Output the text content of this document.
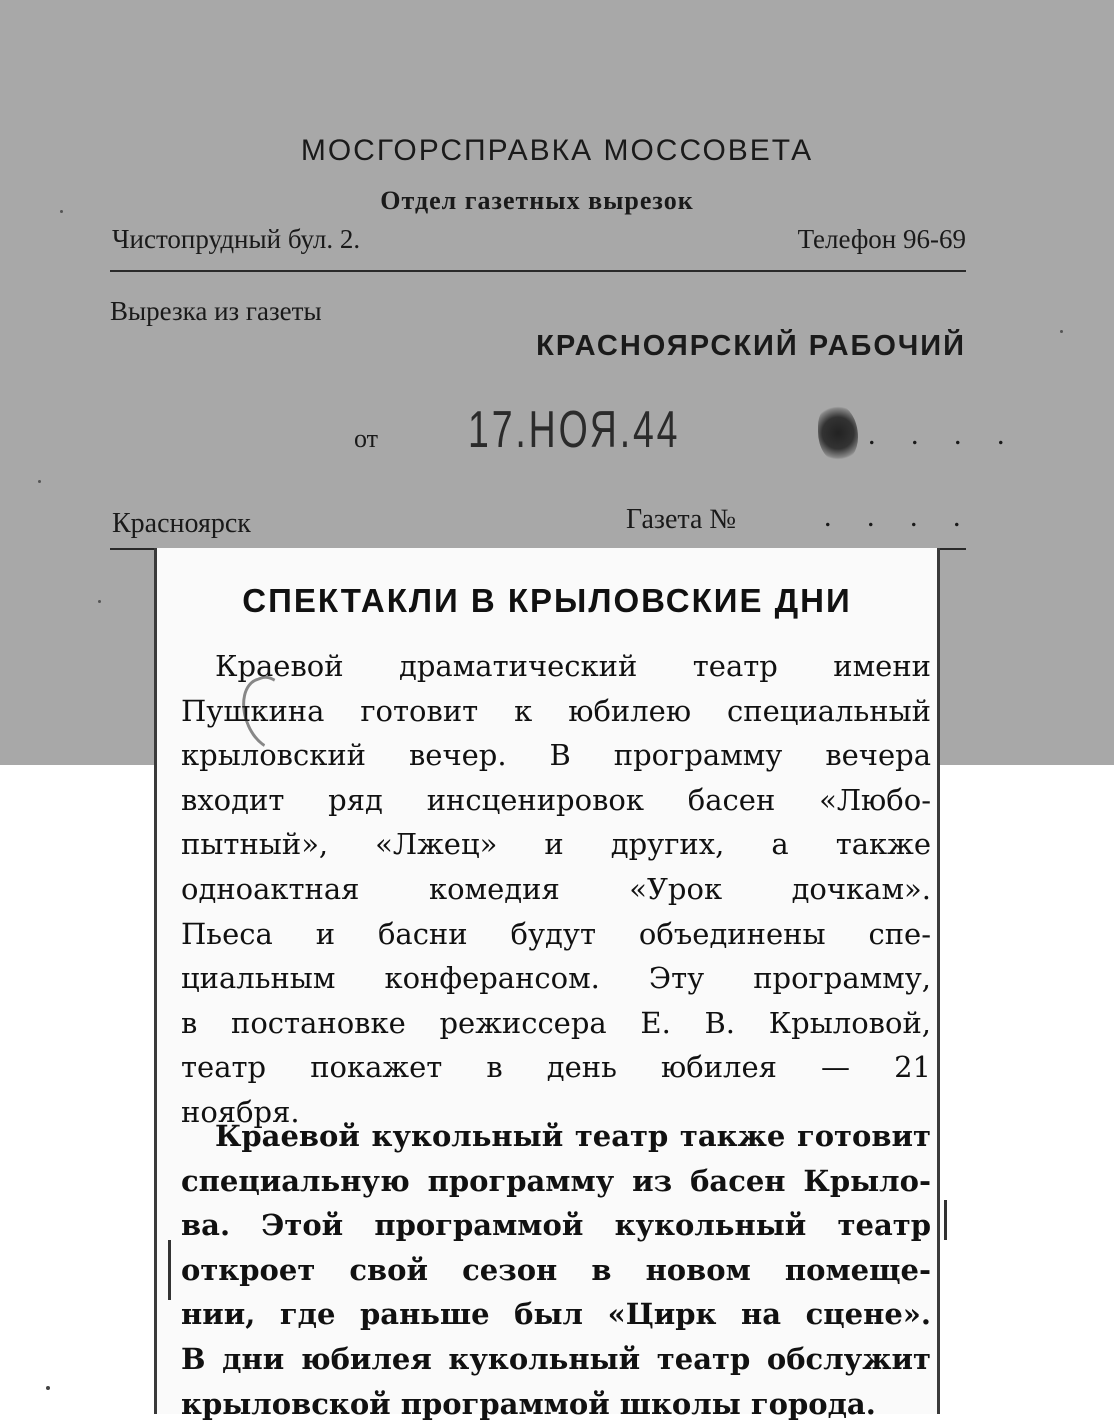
МОСГОРСПРАВКА МОССОВЕТА
Отдел газетных вырезок
Чистопрудный бул. 2.	Телефон 96-69
Вырезка из газеты
КРАСНОЯРСКИЙ РАБОЧИЙ
от 17.НОЯ.44	. . . .
Красноярск	Газета №	. . . .
СПЕКТАКЛИ В КРЫЛОВСКИЕ ДНИ
Краевой драматический театр имени
Пушкина готовит к юбилею специальный
крыловский вечер. В программу вечера
входит ряд инсценировок басен «Любо-
пытный», «Лжец» и других, а также
одноактная комедия «Урок дочкам».
Пьеса и басни будут объединены спе-
циальным конферансом. Эту программу,
в постановке режиссера Е. В. Крыловой,
театр покажет в день юбилея — 21
ноября.
Краевой кукольный театр также готовит
специальную программу из басен Крыло-
ва. Этой программой кукольный театр
откроет свой сезон в новом помеще-
нии, где раньше был «Цирк на сцене».
В дни юбилея кукольный театр обслужит
крыловской программой школы города.
